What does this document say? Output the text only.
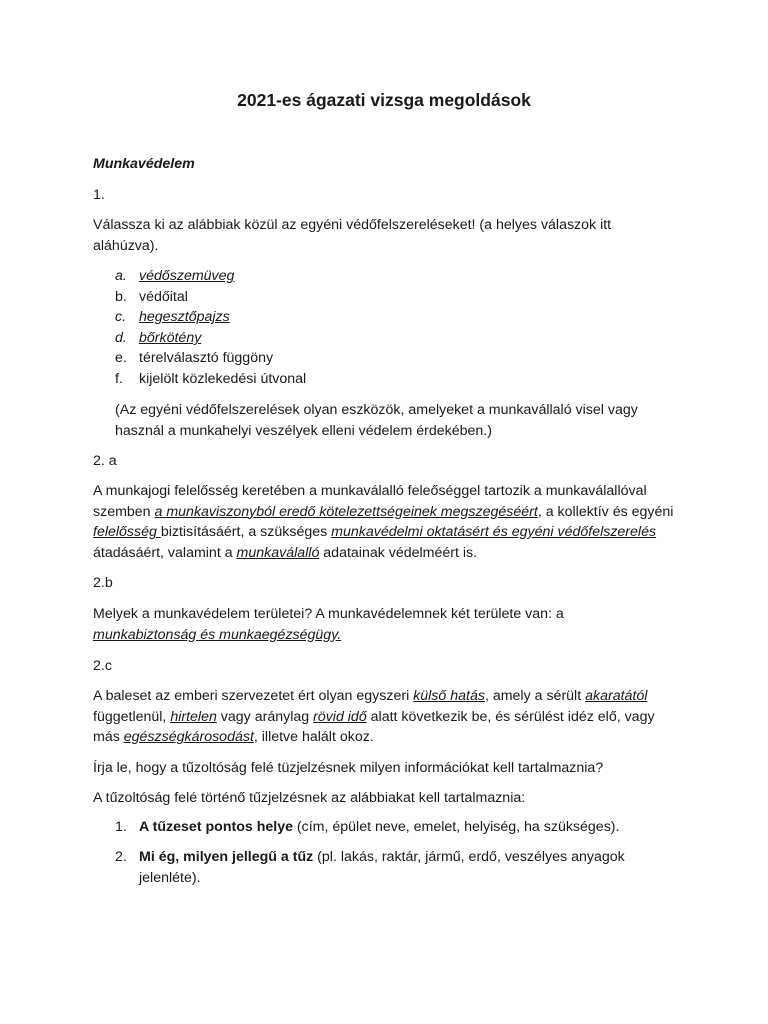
2021-es ágazati vizsga megoldások

Munkavédelem

1.

Válassza ki az alábbiak közül az egyéni védőfelszereléseket! (a helyes válaszok itt aláhúzva).

a. védőszemüveg
b. védőital
c. hegesztőpajzs
d. bőrkötény
e. térelválasztó függöny
f. kijelölt közlekedési útvonal

(Az egyéni védőfelszerelések olyan eszközök, amelyeket a munkavállaló visel vagy használ a munkahelyi veszélyek elleni védelem érdekében.)

2. a

A munkajogi felelősség keretében a munkaválalló feleőséggel tartozik a munkaválallóval szemben a munkaviszonyból eredő kötelezettségeinek megszegéséért, a kollektív és egyéni felelősség biztisításáért, a szükséges munkavédelmi oktatásért és egyéni védőfelszerelés átadásáért, valamint a munkaválalló adatainak védelméért is.

2.b

Melyek a munkavédelem területei? A munkavédelemnek két területe van: a munkabiztonság és munkaegézségügy.

2.c

A baleset az emberi szervezetet ért olyan egyszeri külső hatás, amely a sérült akaratától függetlenül, hirtelen vagy aránylag rövid idő alatt következik be, és sérülést idéz elő, vagy más egészségkárosodást, illetve halált okoz.

Írja le, hogy a tűzoltóság felé tüzjelzésnek milyen információkat kell tartalmaznia?

A tűzoltóság felé történő tűzjelzésnek az alábbiakat kell tartalmaznia:

1. A tűzeset pontos helye (cím, épület neve, emelet, helyiség, ha szükséges).
2. Mi ég, milyen jellegű a tűz (pl. lakás, raktár, jármű, erdő, veszélyes anyagok jelenléte).
